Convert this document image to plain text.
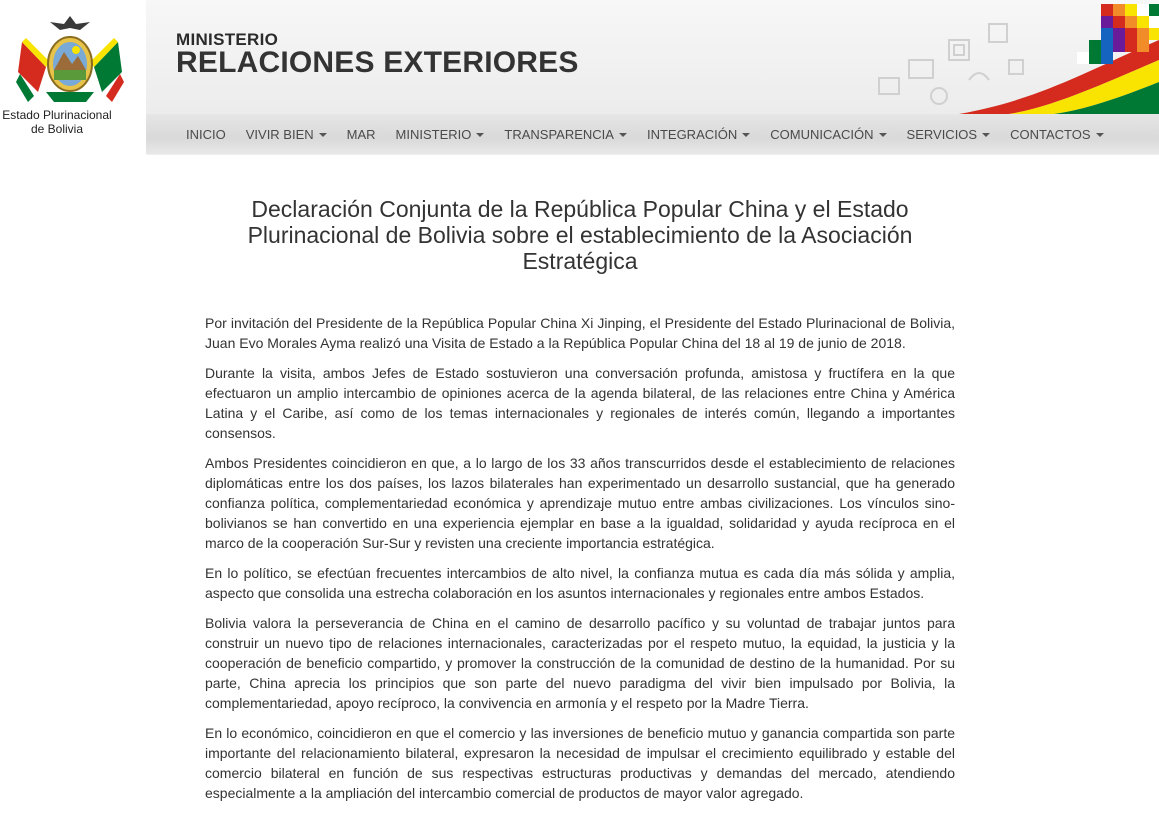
Estado Plurinacional
de Bolivia
MINISTERIO
RELACIONES EXTERIORES
INICIO	VIVIR BIEN	MAR	MINISTERIO	TRANSPARENCIA	INTEGRACIÓN	COMUNICACIÓN	SERVICIOS	CONTACTOS
Declaración Conjunta de la República Popular China y el Estado Plurinacional de Bolivia sobre el establecimiento de la Asociación Estratégica

Por invitación del Presidente de la República Popular China Xi Jinping, el Presidente del Estado Plurinacional de Bolivia, Juan Evo Morales Ayma realizó una Visita de Estado a la República Popular China del 18 al 19 de junio de 2018.

Durante la visita, ambos Jefes de Estado sostuvieron una conversación profunda, amistosa y fructífera en la que efectuaron un amplio intercambio de opiniones acerca de la agenda bilateral, de las relaciones entre China y América Latina y el Caribe, así como de los temas internacionales y regionales de interés común, llegando a importantes consensos.

Ambos Presidentes coincidieron en que, a lo largo de los 33 años transcurridos desde el establecimiento de relaciones diplomáticas entre los dos países, los lazos bilaterales han experimentado un desarrollo sustancial, que ha generado confianza política, complementariedad económica y aprendizaje mutuo entre ambas civilizaciones. Los vínculos sino-bolivianos se han convertido en una experiencia ejemplar en base a la igualdad, solidaridad y ayuda recíproca en el marco de la cooperación Sur-Sur y revisten una creciente importancia estratégica.

En lo político, se efectúan frecuentes intercambios de alto nivel, la confianza mutua es cada día más sólida y amplia, aspecto que consolida una estrecha colaboración en los asuntos internacionales y regionales entre ambos Estados.

Bolivia valora la perseverancia de China en el camino de desarrollo pacífico y su voluntad de trabajar juntos para construir un nuevo tipo de relaciones internacionales, caracterizadas por el respeto mutuo, la equidad, la justicia y la cooperación de beneficio compartido, y promover la construcción de la comunidad de destino de la humanidad. Por su parte, China aprecia los principios que son parte del nuevo paradigma del vivir bien impulsado por Bolivia, la complementariedad, apoyo recíproco, la convivencia en armonía y el respeto por la Madre Tierra.

En lo económico, coincidieron en que el comercio y las inversiones de beneficio mutuo y ganancia compartida son parte importante del relacionamiento bilateral, expresaron la necesidad de impulsar el crecimiento equilibrado y estable del comercio bilateral en función de sus respectivas estructuras productivas y demandas del mercado, atendiendo especialmente a la ampliación del intercambio comercial de productos de mayor valor agregado.
